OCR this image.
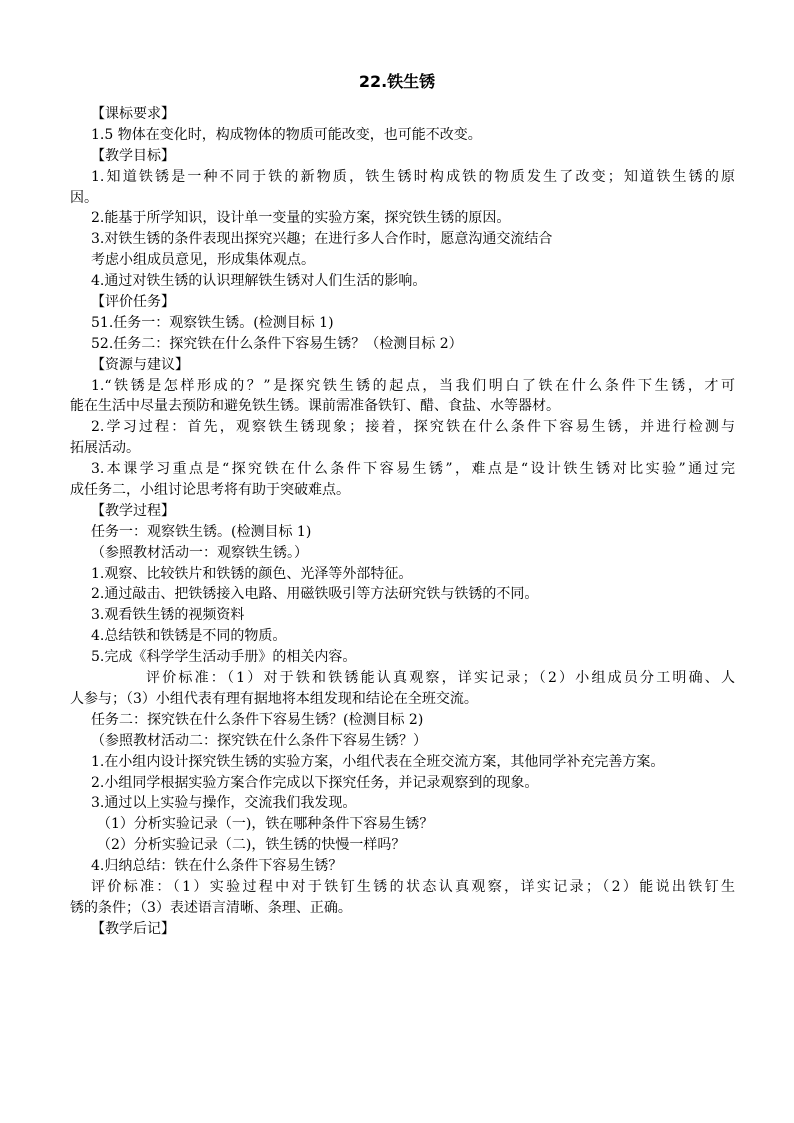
22.铁生锈
【课标要求】
1.5 物体在变化时，构成物体的物质可能改变，也可能不改变。
【教学目标】
1.知道铁锈是一种不同于铁的新物质，铁生锈时构成铁的物质发生了改变；知道铁生锈的原
因。
2.能基于所学知识，设计单一变量的实验方案，探究铁生锈的原因。
3.对铁生锈的条件表现出探究兴趣；在进行多人合作时，愿意沟通交流结合
考虑小组成员意见，形成集体观点。
4.通过对铁生锈的认识理解铁生锈对人们生活的影响。
【评价任务】
51.任务一：观察铁生锈。(检测目标 1)
52.任务二：探究铁在什么条件下容易生锈？（检测目标 2）
【资源与建议】
1.“铁锈是怎样形成的？”是探究铁生锈的起点，当我们明白了铁在什么条件下生锈，才可
能在生活中尽量去预防和避免铁生锈。课前需准备铁钉、醋、食盐、水等器材。
2.学习过程：首先，观察铁生锈现象；接着，探究铁在什么条件下容易生锈，并进行检测与
拓展活动。
3.本课学习重点是“探究铁在什么条件下容易生锈”，难点是“设计铁生锈对比实验”通过完
成任务二，小组讨论思考将有助于突破难点。
【教学过程】
任务一：观察铁生锈。(检测目标 1)
（参照教材活动一：观察铁生锈。）
1.观察、比较铁片和铁锈的颜色、光泽等外部特征。
2.通过敲击、把铁锈接入电路、用磁铁吸引等方法研究铁与铁锈的不同。
3.观看铁生锈的视频资料
4.总结铁和铁锈是不同的物质。
5.完成《科学学生活动手册》的相关内容。
评价标准：（1）对于铁和铁锈能认真观察，详实记录；（2）小组成员分工明确、人
人参与；（3）小组代表有理有据地将本组发现和结论在全班交流。
任务二：探究铁在什么条件下容易生锈？(检测目标 2)
（参照教材活动二：探究铁在什么条件下容易生锈？）
1.在小组内设计探究铁生锈的实验方案，小组代表在全班交流方案，其他同学补充完善方案。
2.小组同学根据实验方案合作完成以下探究任务，并记录观察到的现象。
3.通过以上实验与操作，交流我们我发现。
（1）分析实验记录（一)，铁在哪种条件下容易生锈？
（2）分析实验记录（二)，铁生锈的快慢一样吗？
4.归纳总结：铁在什么条件下容易生锈？
评价标准：（1）实验过程中对于铁钉生锈的状态认真观察，详实记录；（2）能说出铁钉生
锈的条件；（3）表述语言清晰、条理、正确。
【教学后记】
